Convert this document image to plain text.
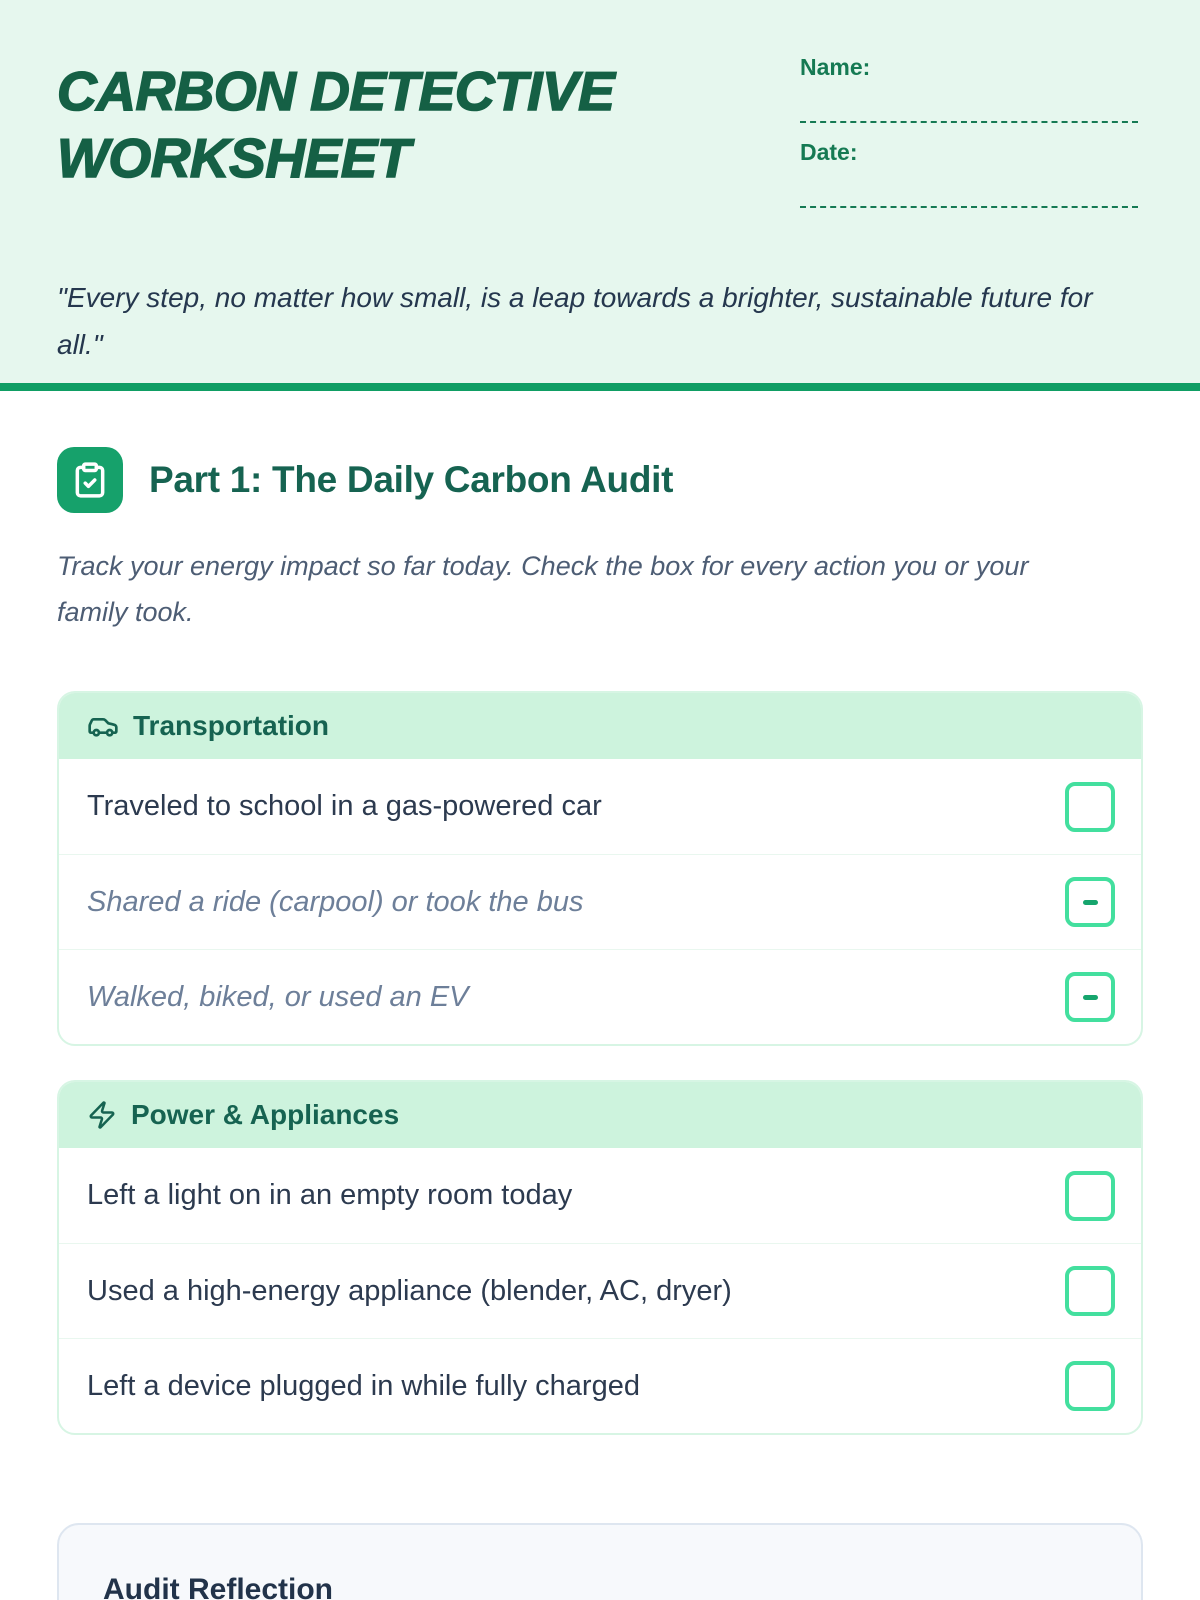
CARBON DETECTIVE
WORKSHEET
Name:
Date:

"Every step, no matter how small, is a leap towards a brighter, sustainable future for all."

Part 1: The Daily Carbon Audit

Track your energy impact so far today. Check the box for every action you or your family took.

Transportation
Traveled to school in a gas-powered car
Shared a ride (carpool) or took the bus
Walked, biked, or used an EV
Power & Appliances
Left a light on in an empty room today
Used a high-energy appliance (blender, AC, dryer)
Left a device plugged in while fully charged
Audit Reflection
